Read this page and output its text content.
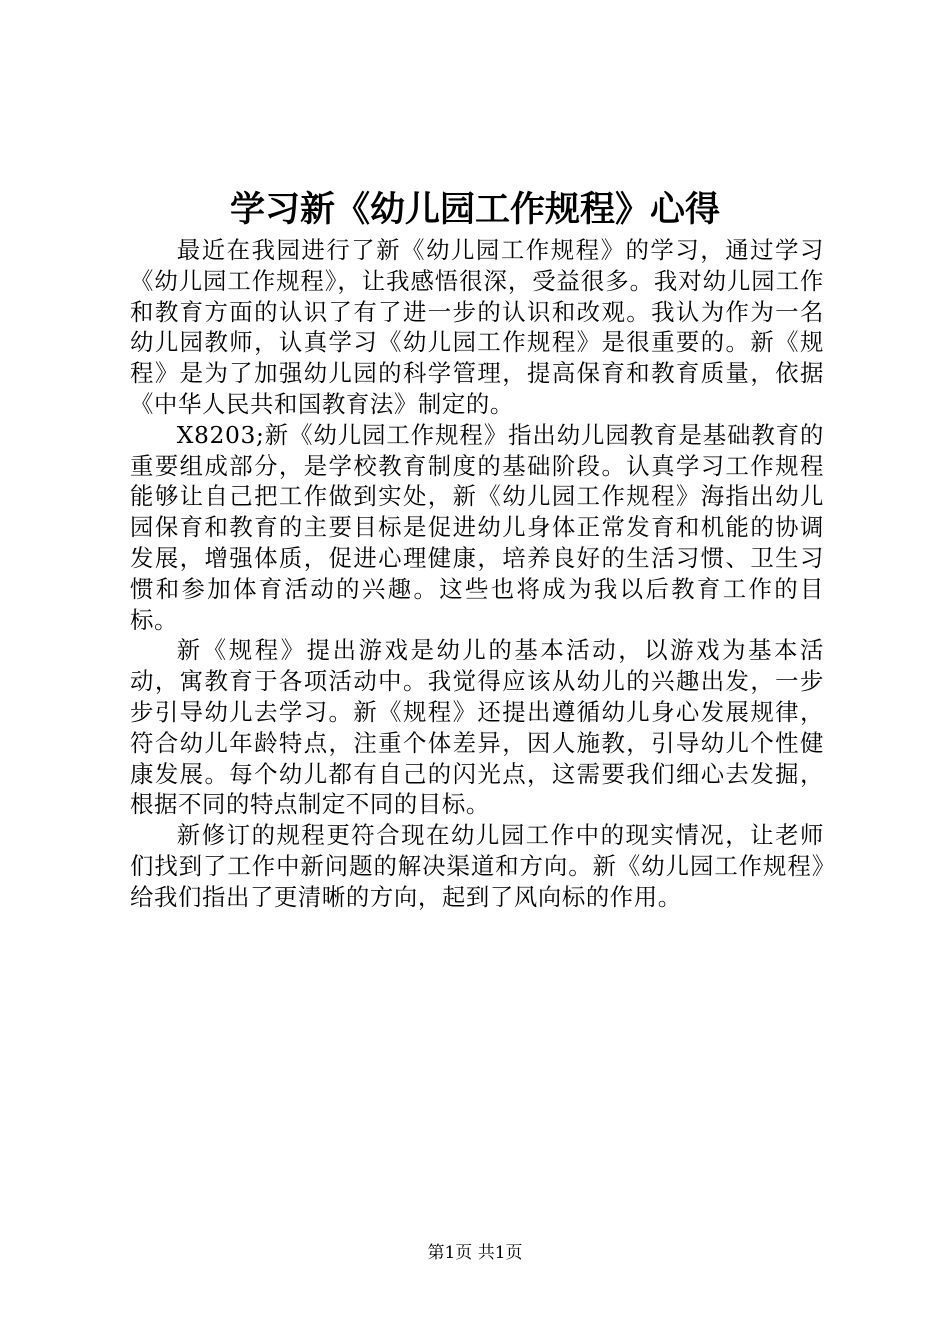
学习新《幼儿园工作规程》心得

最近在我园进行了新《幼儿园工作规程》的学习，通过学习《幼儿园工作规程》，让我感悟很深，受益很多。我对幼儿园工作和教育方面的认识了有了进一步的认识和改观。我认为作为一名幼儿园教师，认真学习《幼儿园工作规程》是很重要的。新《规程》是为了加强幼儿园的科学管理，提高保育和教育质量，依据《中华人民共和国教育法》制定的。

X8203;新《幼儿园工作规程》指出幼儿园教育是基础教育的重要组成部分，是学校教育制度的基础阶段。认真学习工作规程能够让自己把工作做到实处，新《幼儿园工作规程》海指出幼儿园保育和教育的主要目标是促进幼儿身体正常发育和机能的协调发展，增强体质，促进心理健康，培养良好的生活习惯、卫生习惯和参加体育活动的兴趣。这些也将成为我以后教育工作的目标。

新《规程》提出游戏是幼儿的基本活动，以游戏为基本活动，寓教育于各项活动中。我觉得应该从幼儿的兴趣出发，一步步引导幼儿去学习。新《规程》还提出遵循幼儿身心发展规律，符合幼儿年龄特点，注重个体差异，因人施教，引导幼儿个性健康发展。每个幼儿都有自己的闪光点，这需要我们细心去发掘，根据不同的特点制定不同的目标。

新修订的规程更符合现在幼儿园工作中的现实情况，让老师们找到了工作中新问题的解决渠道和方向。新《幼儿园工作规程》给我们指出了更清晰的方向，起到了风向标的作用。

第1页 共1页
